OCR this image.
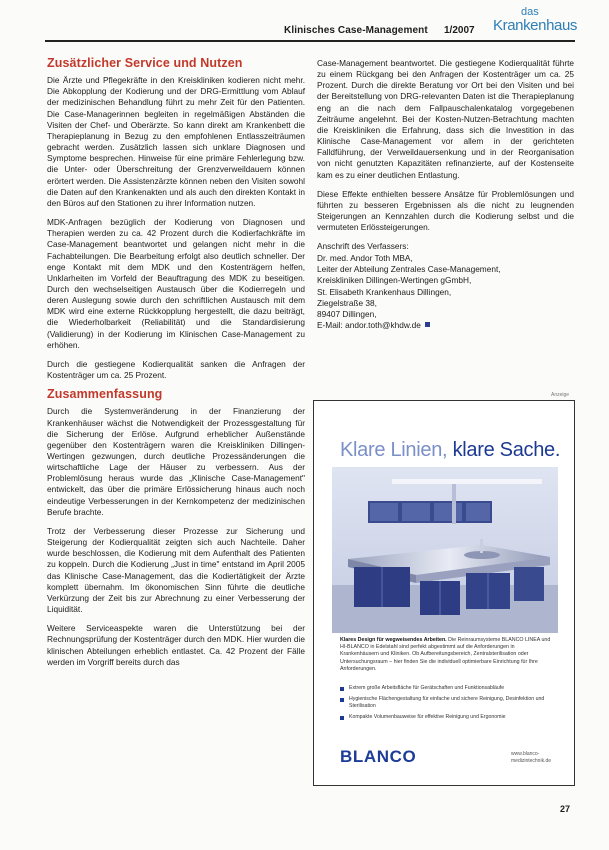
Klinisches Case-Management 1/2007
das
Krankenhaus
Zusätzlicher Service und Nutzen

Die Ärzte und Pflegekräfte in den Kreiskliniken kodieren nicht mehr. Die Abkopplung der Kodierung und der DRG-Ermittlung vom Ablauf der medizinischen Behandlung führt zu mehr Zeit für den Patienten. Die Case-Managerinnen begleiten in regelmäßigen Abständen die Visiten der Chef- und Oberärzte. So kann direkt am Krankenbett die Therapieplanung in Bezug zu den empfohlenen Entlasszeiträumen gebracht werden. Zusätzlich lassen sich unklare Diagnosen und Symptome besprechen. Hinweise für eine primäre Fehlerlegung bzw. die Unter- oder Überschreitung der Grenzverweildauern können erörtert werden. Die Assistenzärzte können neben den Visiten sowohl die Daten auf den Krankenakten und als auch den direkten Kontakt in den Büros auf den Stationen zu ihrer Information nutzen.

MDK-Anfragen bezüglich der Kodierung von Diagnosen und Therapien werden zu ca. 42 Prozent durch die Kodierfachkräfte im Case-Management beantwortet und gelangen nicht mehr in die Fachabteilungen. Die Bearbeitung erfolgt also deutlich schneller. Der enge Kontakt mit dem MDK und den Kostenträgern helfen, Unklarheiten im Vorfeld der Beauftragung des MDK zu beseitigen. Durch den wechselseitigen Austausch über die Kodierregeln und deren Auslegung sowie durch den schriftlichen Austausch mit dem MDK wird eine externe Rückkopplung hergestellt, die dazu beiträgt, die Wiederholbarkeit (Reliabilität) und die Standardisierung (Validierung) in der Kodierung im Klinischen Case-Management zu erhöhen.

Durch die gestiegene Kodierqualität sanken die Anfragen der Kostenträger um ca. 25 Prozent.

Zusammenfassung

Durch die Systemveränderung in der Finanzierung der Krankenhäuser wächst die Notwendigkeit der Prozessgestaltung für die Sicherung der Erlöse. Aufgrund erheblicher Außenstände gegenüber den Kostenträgern waren die Kreiskliniken Dillingen-Wertingen gezwungen, durch deutliche Prozessänderungen die wirtschaftliche Lage der Häuser zu verbessern. Aus der Problemlösung heraus wurde das „Klinische Case-Management" entwickelt, das über die primäre Erlössicherung hinaus auch noch eindeutige Verbesserungen in der Kernkompetenz der medizinischen Berufe brachte.

Trotz der Verbesserung dieser Prozesse zur Sicherung und Steigerung der Kodierqualität zeigten sich auch Nachteile. Daher wurde beschlossen, die Kodierung mit dem Aufenthalt des Patienten zu koppeln. Durch die Kodierung „Just in time" entstand im April 2005 das Klinische Case-Management, das die Kodiertätigkeit der Ärzte komplett übernahm. Im ökonomischen Sinn führte die deutliche Verkürzung der Zeit bis zur Abrechnung zu einer Verbesserung der Liquidität.

Weitere Serviceaspekte waren die Unterstützung bei der Rechnungsprüfung der Kostenträger durch den MDK. Hier wurden die klinischen Abteilungen erheblich entlastet. Ca. 42 Prozent der Fälle werden im Vorgriff bereits durch das

Case-Management beantwortet. Die gestiegene Kodierqualität führte zu einem Rückgang bei den Anfragen der Kostenträger um ca. 25 Prozent. Durch die direkte Beratung vor Ort bei den Visiten und bei der Bereitstellung von DRG-relevanten Daten ist die Therapieplanung eng an die nach dem Fallpauschalenkatalog vorgegebenen Zeiträume angelehnt. Bei der Kosten-Nutzen-Betrachtung machten die Kreiskliniken die Erfahrung, dass sich die Investition in das Klinische Case-Management vor allem in der gerichteten Falldführung, der Verweildauersenkung und in der Reorganisation von nicht genutzten Kapazitäten refinanzierte, auf der Kostenseite kam es zu einer deutlichen Entlastung.

Diese Effekte enthielten bessere Ansätze für Problemlösungen und führten zu besseren Ergebnissen als die nicht zu leugnenden Steigerungen an Kennzahlen durch die Kodierung selbst und die vermuteten Erlössteigerungen.

Anschrift des Verfassers:
Dr. med. Andor Toth MBA,
Leiter der Abteilung Zentrales Case-Management,
Kreiskliniken Dillingen-Wertingen gGmbH,
St. Elisabeth Krankenhaus Dillingen,
Ziegelstraße 38,
89407 Dillingen,
E-Mail: andor.toth@khdw.de
Anzeige
Klare Linien, klare Sache.
Klares Design für wegweisendes Arbeiten. Die Reinraumsysteme BLANCO LINEA und HI-BLANCO in Edelstahl sind perfekt abgestimmt auf die Anforderungen in Krankenhäusern und Kliniken. Ob Aufbereitungsbereich, Zentralsterilisation oder Untersuchungsraum – hier finden Sie die individuell optimierbare Einrichtung für Ihre Anforderungen.
Extrem große Arbeitsfläche für Gerätschaften und Funktionsabläufe
Hygienische Flächengestaltung für einfache und sichere Reinigung, Desinfektion und Sterilisation
Kompakte Volumenbauweise für effektive Reinigung und Ergonomie
BLANCO	www.blanco-
medizintechnik.de
27
